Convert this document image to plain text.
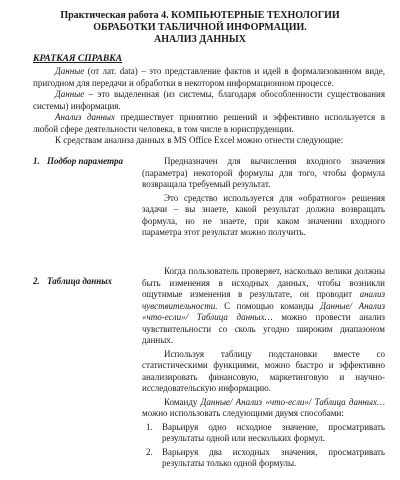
Практическая работа 4. КОМПЬЮТЕРНЫЕ ТЕХНОЛОГИИ
ОБРАБОТКИ ТАБЛИЧНОЙ ИНФОРМАЦИИ.
АНАЛИЗ ДАННЫХ
КРАТКАЯ СПРАВКА

Данные (от лат. data) – это представление фактов и идей в формализованном виде, пригодном для передачи и обработки в некотором информационном процессе.

Данные – это выделенная (из системы, благодаря обособленности существования системы) информация.

Анализ данных предшествует принятию решений и эффективно используется в любой сфере деятельности человека, в том числе в юриспруденции.

К средствам анализа данных в MS Office Excel можно отнести следующие:

1. Подбор параметра	Предназначен для вычисления входного значения (параметра) некоторой формулы для того, чтобы формула возвращала требуемый результат.

Это средство используется для «обратного» решения задачи – вы знаете, какой результат должна возвращать формула, но не знаете, при каком значении входного параметра этот результат можно получить.

2. Таблица данных

Когда пользователь проверяет, насколько велики должны быть изменения в исходных данных, чтобы возникли ощутимые изменения в результате, он проводит анализ чувствительности. С помощью команды Данные/ Анализ «что-если»/ Таблица данных… можно провести анализ чувствительности со сколь угодно широким диапазоном данных.

Используя таблицу подстановки вместе со статистическими функциями, можно быстро и эффективно анализировать финансовую, маркетинговую и научно-исследовательскую информацию.

Команду Данные/ Анализ «что-если»/ Таблица данных… можно использовать следующими двумя способами:

1. Варьируя одно исходное значение, просматривать результаты одной или нескольких формул.
2. Варьируя два исходных значения, просматривать результаты только одной формулы.
